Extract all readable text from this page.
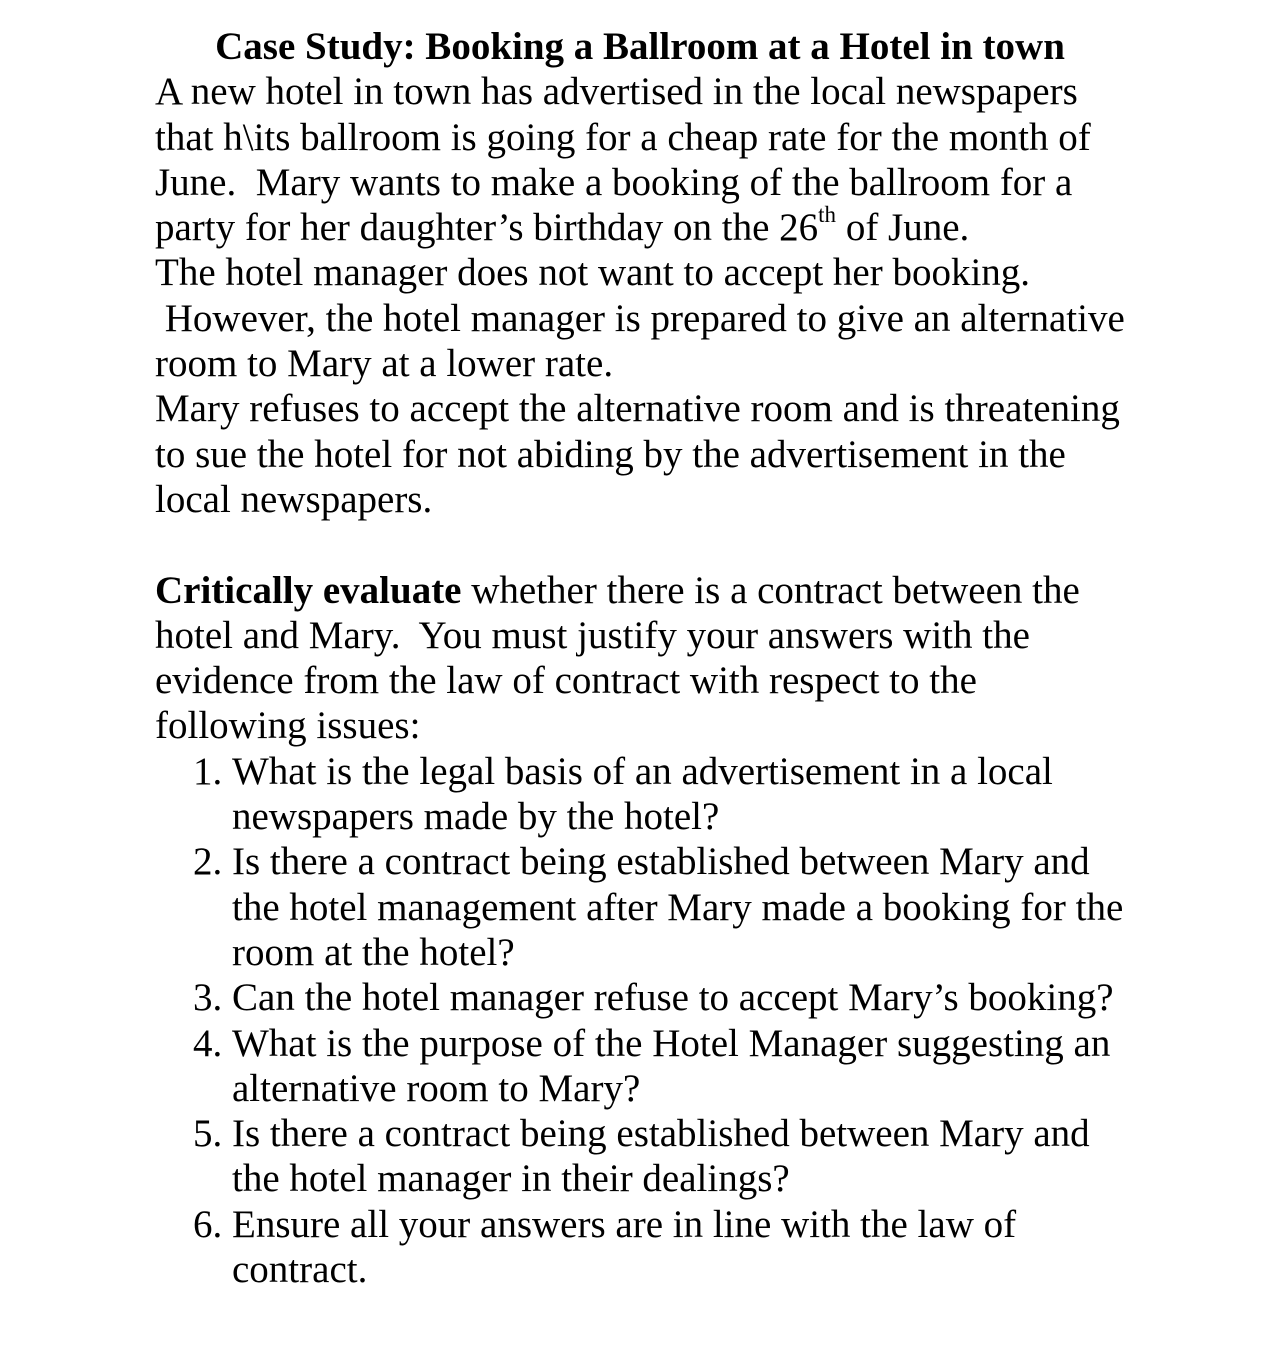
Case Study: Booking a Ballroom at a Hotel in town
A new hotel in town has advertised in the local newspapers
that h\its ballroom is going for a cheap rate for the month of
June.  Mary wants to make a booking of the ballroom for a
party for her daughter’s birthday on the 26th of June.
The hotel manager does not want to accept her booking.
However, the hotel manager is prepared to give an alternative
room to Mary at a lower rate.
Mary refuses to accept the alternative room and is threatening
to sue the hotel for not abiding by the advertisement in the
local newspapers.
Critically evaluate whether there is a contract between the
hotel and Mary.  You must justify your answers with the
evidence from the law of contract with respect to the
following issues:
1. What is the legal basis of an advertisement in a local
newspapers made by the hotel?
2. Is there a contract being established between Mary and
the hotel management after Mary made a booking for the
room at the hotel?
3. Can the hotel manager refuse to accept Mary’s booking?
4. What is the purpose of the Hotel Manager suggesting an
alternative room to Mary?
5. Is there a contract being established between Mary and
the hotel manager in their dealings?
6. Ensure all your answers are in line with the law of
contract.
